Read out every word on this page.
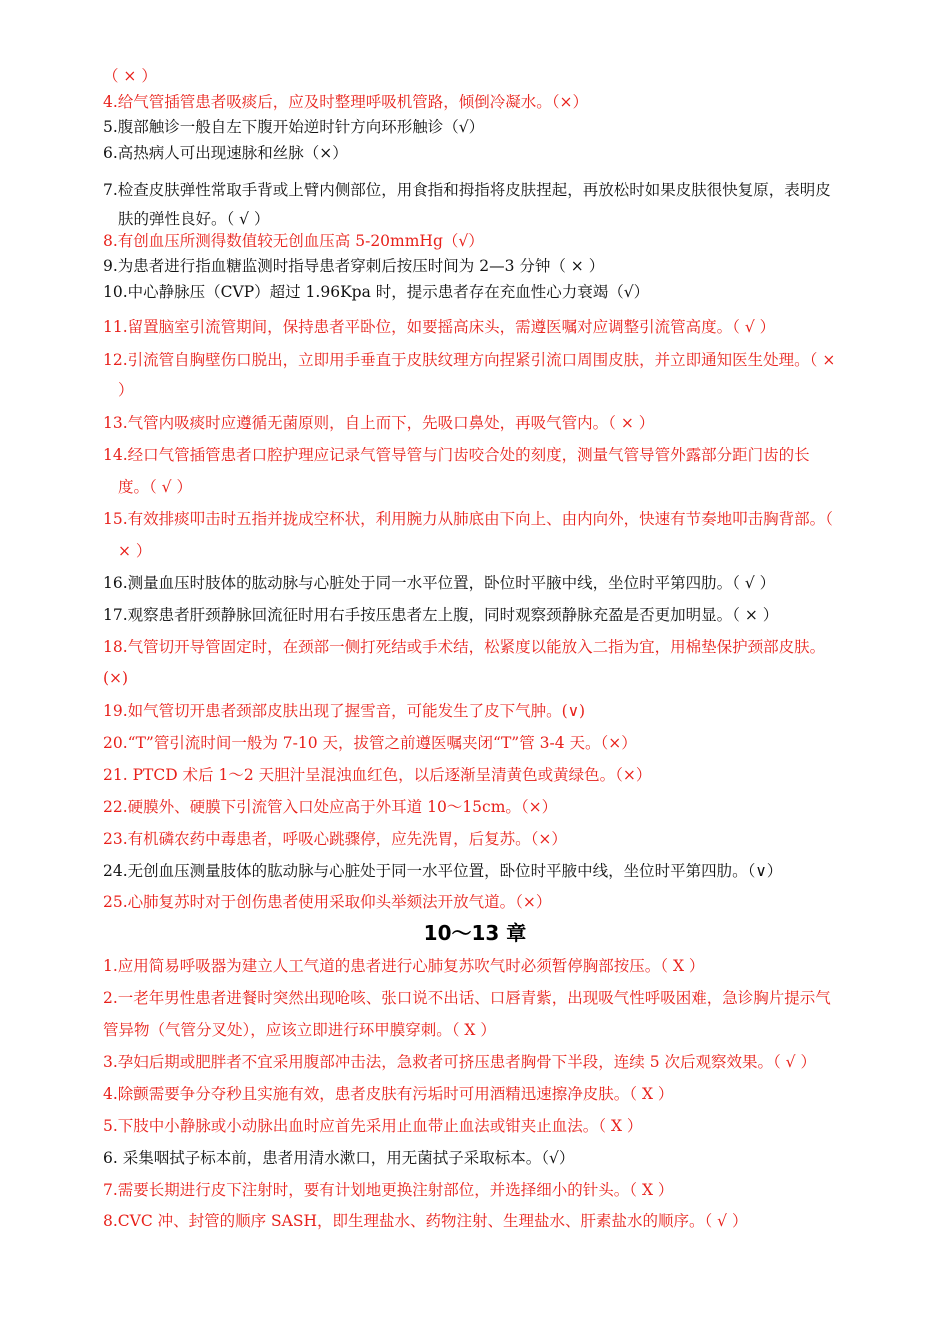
（ × ）
4.给气管插管患者吸痰后，应及时整理呼吸机管路，倾倒冷凝水。（×）
5.腹部触诊一般自左下腹开始逆时针方向环形触诊（√）
6.高热病人可出现速脉和丝脉（×）
7.检查皮肤弹性常取手背或上臂内侧部位，用食指和拇指将皮肤捏起，再放松时如果皮肤很快复原，表明皮
肤的弹性良好。（ √ ）
8.有创血压所测得数值较无创血压高 5-20mmHg（√）
9.为患者进行指血糖监测时指导患者穿刺后按压时间为 2—3 分钟（ × ）
10.中心静脉压（CVP）超过 1.96Kpa 时，提示患者存在充血性心力衰竭（√）
11.留置脑室引流管期间，保持患者平卧位，如要摇高床头，需遵医嘱对应调整引流管高度。（ √ ）
12.引流管自胸壁伤口脱出，立即用手垂直于皮肤纹理方向捏紧引流口周围皮肤，并立即通知医生处理。（ ×
）
13.气管内吸痰时应遵循无菌原则，自上而下，先吸口鼻处，再吸气管内。（ × ）
14.经口气管插管患者口腔护理应记录气管导管与门齿咬合处的刻度，测量气管导管外露部分距门齿的长
度。（ √ ）
15.有效排痰叩击时五指并拢成空杯状，利用腕力从肺底由下向上、由内向外，快速有节奏地叩击胸背部。（
× ）
16.测量血压时肢体的肱动脉与心脏处于同一水平位置，卧位时平腋中线，坐位时平第四肋。（ √ ）
17.观察患者肝颈静脉回流征时用右手按压患者左上腹，同时观察颈静脉充盈是否更加明显。（ × ）
18.气管切开导管固定时，在颈部一侧打死结或手术结，松紧度以能放入二指为宜，用棉垫保护颈部皮肤。
(×)
19.如气管切开患者颈部皮肤出现了握雪音，可能发生了皮下气肿。(∨)
20.“T”管引流时间一般为 7-10 天，拔管之前遵医嘱夹闭“T”管 3-4 天。（×）
21. PTCD 术后 1～2 天胆汁呈混浊血红色，以后逐渐呈清黄色或黄绿色。（×）
22.硬膜外、硬膜下引流管入口处应高于外耳道 10～15cm。（×）
23.有机磷农药中毒患者，呼吸心跳骤停，应先洗胃，后复苏。（×）
24.无创血压测量肢体的肱动脉与心脏处于同一水平位置，卧位时平腋中线，坐位时平第四肋。（∨）
25.心肺复苏时对于创伤患者使用采取仰头举颏法开放气道。（×）
10～13 章
1.应用简易呼吸器为建立人工气道的患者进行心肺复苏吹气时必须暂停胸部按压。（ X ）
2.一老年男性患者进餐时突然出现呛咳、张口说不出话、口唇青紫，出现吸气性呼吸困难，急诊胸片提示气
管异物（气管分叉处），应该立即进行环甲膜穿刺。（ X ）
3.孕妇后期或肥胖者不宜采用腹部冲击法，急救者可挤压患者胸骨下半段，连续 5 次后观察效果。（ √ ）
4.除颤需要争分夺秒且实施有效，患者皮肤有污垢时可用酒精迅速擦净皮肤。（ X ）
5.下肢中小静脉或小动脉出血时应首先采用止血带止血法或钳夹止血法。（ X ）
6. 采集咽拭子标本前，患者用清水漱口，用无菌拭子采取标本。（√）
7.需要长期进行皮下注射时，要有计划地更换注射部位，并选择细小的针头。（ X ）
8.CVC 冲、封管的顺序 SASH，即生理盐水、药物注射、生理盐水、肝素盐水的顺序。（ √ ）
